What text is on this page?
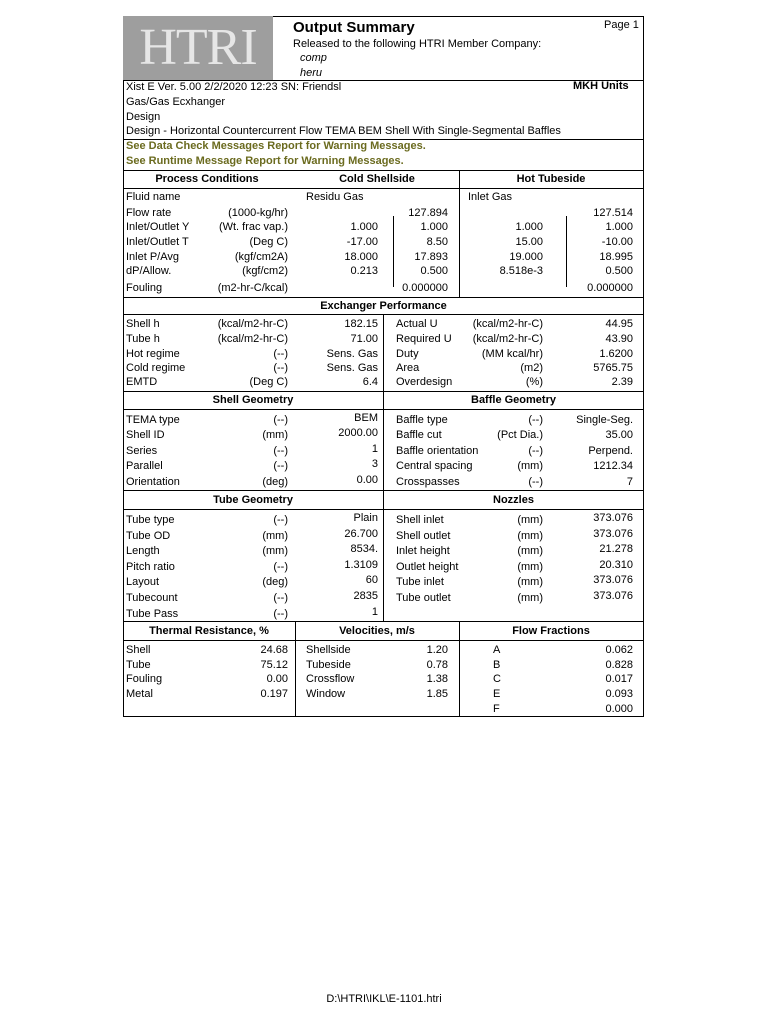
HTRI	Output Summary	Page 1
Released to the following HTRI Member Company:
comp
heru
Xist E Ver. 5.00 2/2/2020 12:23 SN: Friendsl	MKH Units
Gas/Gas Ecxhanger
Design
Design - Horizontal Countercurrent Flow TEMA BEM Shell With Single-Segmental Baffles
See Data Check Messages Report for Warning Messages.
See Runtime Message Report for Warning Messages.
Process Conditions	Cold Shellside	Hot Tubeside
Fluid name	Residu Gas	Inlet Gas
Flow rate	(1000-kg/hr)	127.894	127.514
Inlet/Outlet Y	(Wt. frac vap.)	1.000	1.000	1.000	1.000
Inlet/Outlet T	(Deg C)	-17.00	8.50	15.00	-10.00
Inlet P/Avg	(kgf/cm2A)	18.000	17.893	19.000	18.995
dP/Allow.	(kgf/cm2)	0.213	0.500	8.518e-3	0.500
Fouling	(m2-hr-C/kcal)	0.000000	0.000000
Exchanger Performance
Shell h	(kcal/m2-hr-C)	182.15
Tube h	(kcal/m2-hr-C)	71.00
Hot regime	(--)	Sens. Gas
Cold regime	(--)	Sens. Gas
EMTD	(Deg C)	6.4
Actual U	(kcal/m2-hr-C)	44.95
Required U	(kcal/m2-hr-C)	43.90
Duty	(MM kcal/hr)	1.6200
Area	(m2)	5765.75
Overdesign	(%)	2.39
Shell Geometry	Baffle Geometry
TEMA type	(--)	BEM
Shell ID	(mm)	2000.00
Series	(--)	1
Parallel	(--)	3
Orientation	(deg)	0.00
Baffle type	(--)	Single-Seg.
Baffle cut	(Pct Dia.)	35.00
Baffle orientation	(--)	Perpend.
Central spacing	(mm)	1212.34
Crosspasses	(--)	7
Tube Geometry	Nozzles
Tube type	(--)	Plain
Tube OD	(mm)	26.700
Length	(mm)	8534.
Pitch ratio	(--)	1.3109
Layout	(deg)	60
Tubecount	(--)	2835
Tube Pass	(--)	1
Shell inlet	(mm)	373.076
Shell outlet	(mm)	373.076
Inlet height	(mm)	21.278
Outlet height	(mm)	20.310
Tube inlet	(mm)	373.076
Tube outlet	(mm)	373.076
Thermal Resistance, %	Velocities, m/s	Flow Fractions
Shell	24.68
Tube	75.12
Fouling	0.00
Metal	0.197
Shellside	1.20
Tubeside	0.78
Crossflow	1.38
Window	1.85
A	0.062
B	0.828
C	0.017
E	0.093
F	0.000
D:\HTRI\IKL\E-1101.htri
